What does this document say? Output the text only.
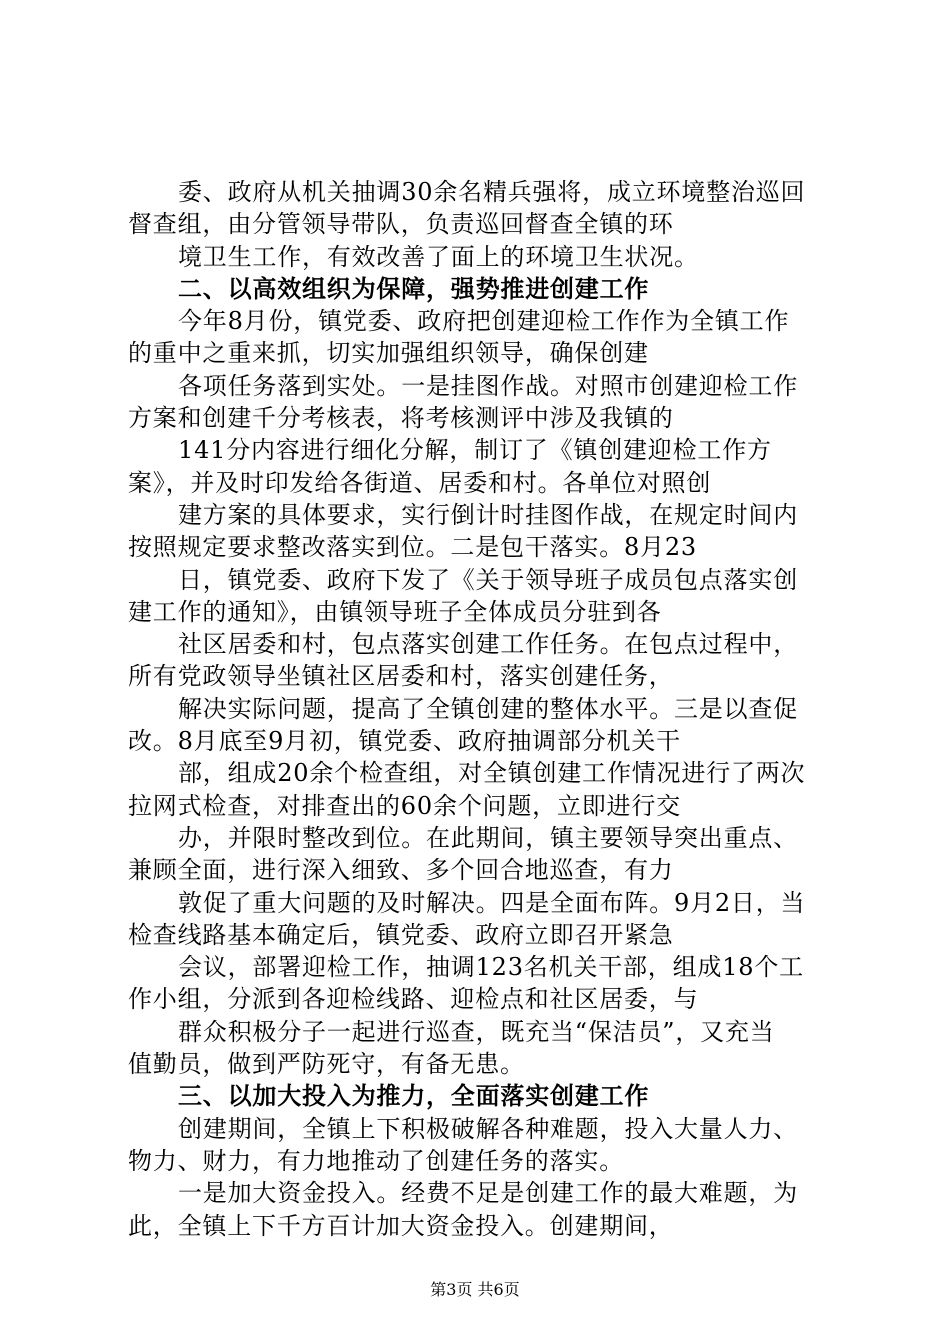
委、政府从机关抽调30余名精兵强将，成立环境整治巡回
督查组，由分管领导带队，负责巡回督查全镇的环
境卫生工作，有效改善了面上的环境卫生状况。
二、以高效组织为保障，强势推进创建工作
今年8月份，镇党委、政府把创建迎检工作作为全镇工作
的重中之重来抓，切实加强组织领导，确保创建
各项任务落到实处。一是挂图作战。对照市创建迎检工作
方案和创建千分考核表，将考核测评中涉及我镇的
141分内容进行细化分解，制订了《镇创建迎检工作方
案》，并及时印发给各街道、居委和村。各单位对照创
建方案的具体要求，实行倒计时挂图作战，在规定时间内
按照规定要求整改落实到位。二是包干落实。8月23
日，镇党委、政府下发了《关于领导班子成员包点落实创
建工作的通知》，由镇领导班子全体成员分驻到各
社区居委和村，包点落实创建工作任务。在包点过程中，
所有党政领导坐镇社区居委和村，落实创建任务，
解决实际问题，提高了全镇创建的整体水平。三是以查促
改。8月底至9月初，镇党委、政府抽调部分机关干
部，组成20余个检查组，对全镇创建工作情况进行了两次
拉网式检查，对排查出的60余个问题，立即进行交
办，并限时整改到位。在此期间，镇主要领导突出重点、
兼顾全面，进行深入细致、多个回合地巡查，有力
敦促了重大问题的及时解决。四是全面布阵。9月2日，当
检查线路基本确定后，镇党委、政府立即召开紧急
会议，部署迎检工作，抽调123名机关干部，组成18个工
作小组，分派到各迎检线路、迎检点和社区居委，与
群众积极分子一起进行巡查，既充当“保洁员”，又充当
值勤员，做到严防死守，有备无患。
三、以加大投入为推力，全面落实创建工作
创建期间，全镇上下积极破解各种难题，投入大量人力、
物力、财力，有力地推动了创建任务的落实。
一是加大资金投入。经费不足是创建工作的最大难题，为
此，全镇上下千方百计加大资金投入。创建期间，
第3页 共6页
